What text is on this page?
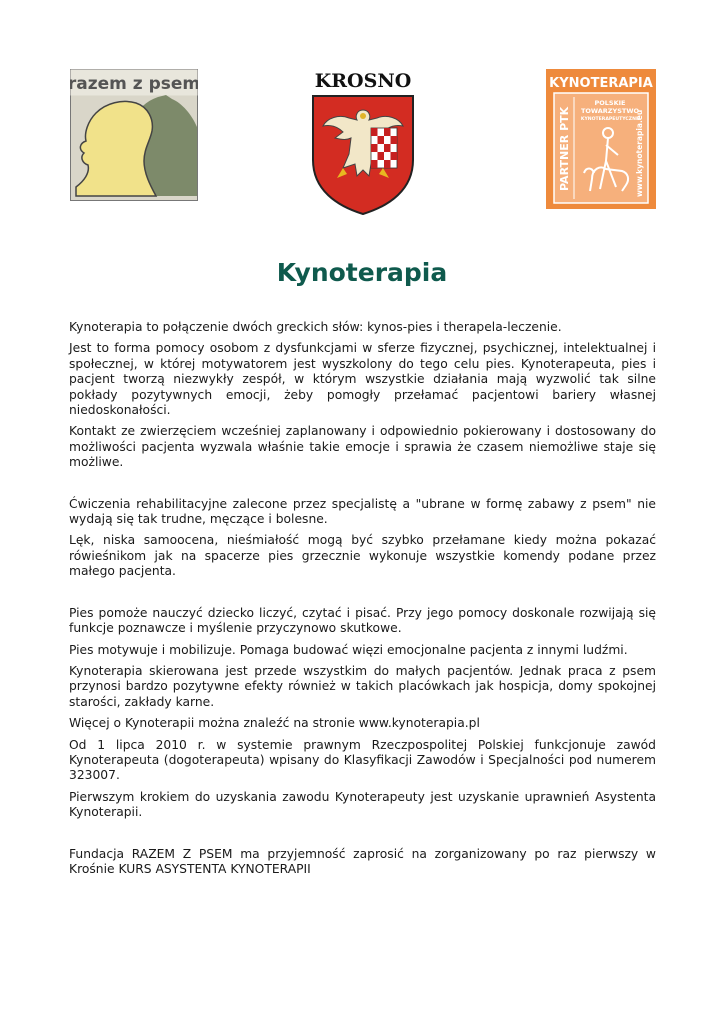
razem z psem	KROSNO	KYNOTERAPIA
PARTNER PTK
POLSKIE
TOWARZYSTWO
KYNOTERAPEUTYCZNE
www.kynoterapia.eu
Kynoterapia

Kynoterapia to połączenie dwóch greckich słów: kynos-pies i therapela-leczenie.

Jest to forma pomocy osobom z dysfunkcjami w sferze fizycznej, psychicznej, intelektualnej i społecznej, w której motywatorem jest wyszkolony do tego celu pies. Kynoterapeuta, pies i pacjent tworzą niezwykły zespół, w którym wszystkie działania mają wyzwolić tak silne pokłady pozytywnych emocji, żeby pomogły przełamać pacjentowi bariery własnej niedoskonałości.

Kontakt ze zwierzęciem wcześniej zaplanowany i odpowiednio pokierowany i dostosowany do możliwości pacjenta wyzwala właśnie takie emocje i sprawia że czasem niemożliwe staje się możliwe.

Ćwiczenia rehabilitacyjne zalecone przez specjalistę a "ubrane w formę zabawy z psem" nie wydają się tak trudne, męczące i bolesne.

Lęk, niska samoocena, nieśmiałość mogą być szybko przełamane kiedy można pokazać rówieśnikom jak na spacerze pies grzecznie wykonuje wszystkie komendy podane przez małego pacjenta.

Pies pomoże nauczyć dziecko liczyć, czytać i pisać. Przy jego pomocy doskonale rozwijają się funkcje poznawcze i myślenie przyczynowo skutkowe.

Pies motywuje i mobilizuje. Pomaga budować więzi emocjonalne pacjenta z innymi ludźmi.

Kynoterapia skierowana jest przede wszystkim do małych pacjentów. Jednak praca z psem przynosi bardzo pozytywne efekty również w takich placówkach jak hospicja, domy spokojnej starości, zakłady karne.

Więcej o Kynoterapii można znaleźć na stronie www.kynoterapia.pl

Od 1 lipca 2010 r. w systemie prawnym Rzeczpospolitej Polskiej funkcjonuje zawód Kynoterapeuta (dogoterapeuta) wpisany do Klasyfikacji Zawodów i Specjalności pod numerem 323007.

Pierwszym krokiem do uzyskania zawodu Kynoterapeuty jest uzyskanie uprawnień Asystenta Kynoterapii.

Fundacja RAZEM Z PSEM ma przyjemność zaprosić na zorganizowany po raz pierwszy w Krośnie KURS ASYSTENTA KYNOTERAPII
